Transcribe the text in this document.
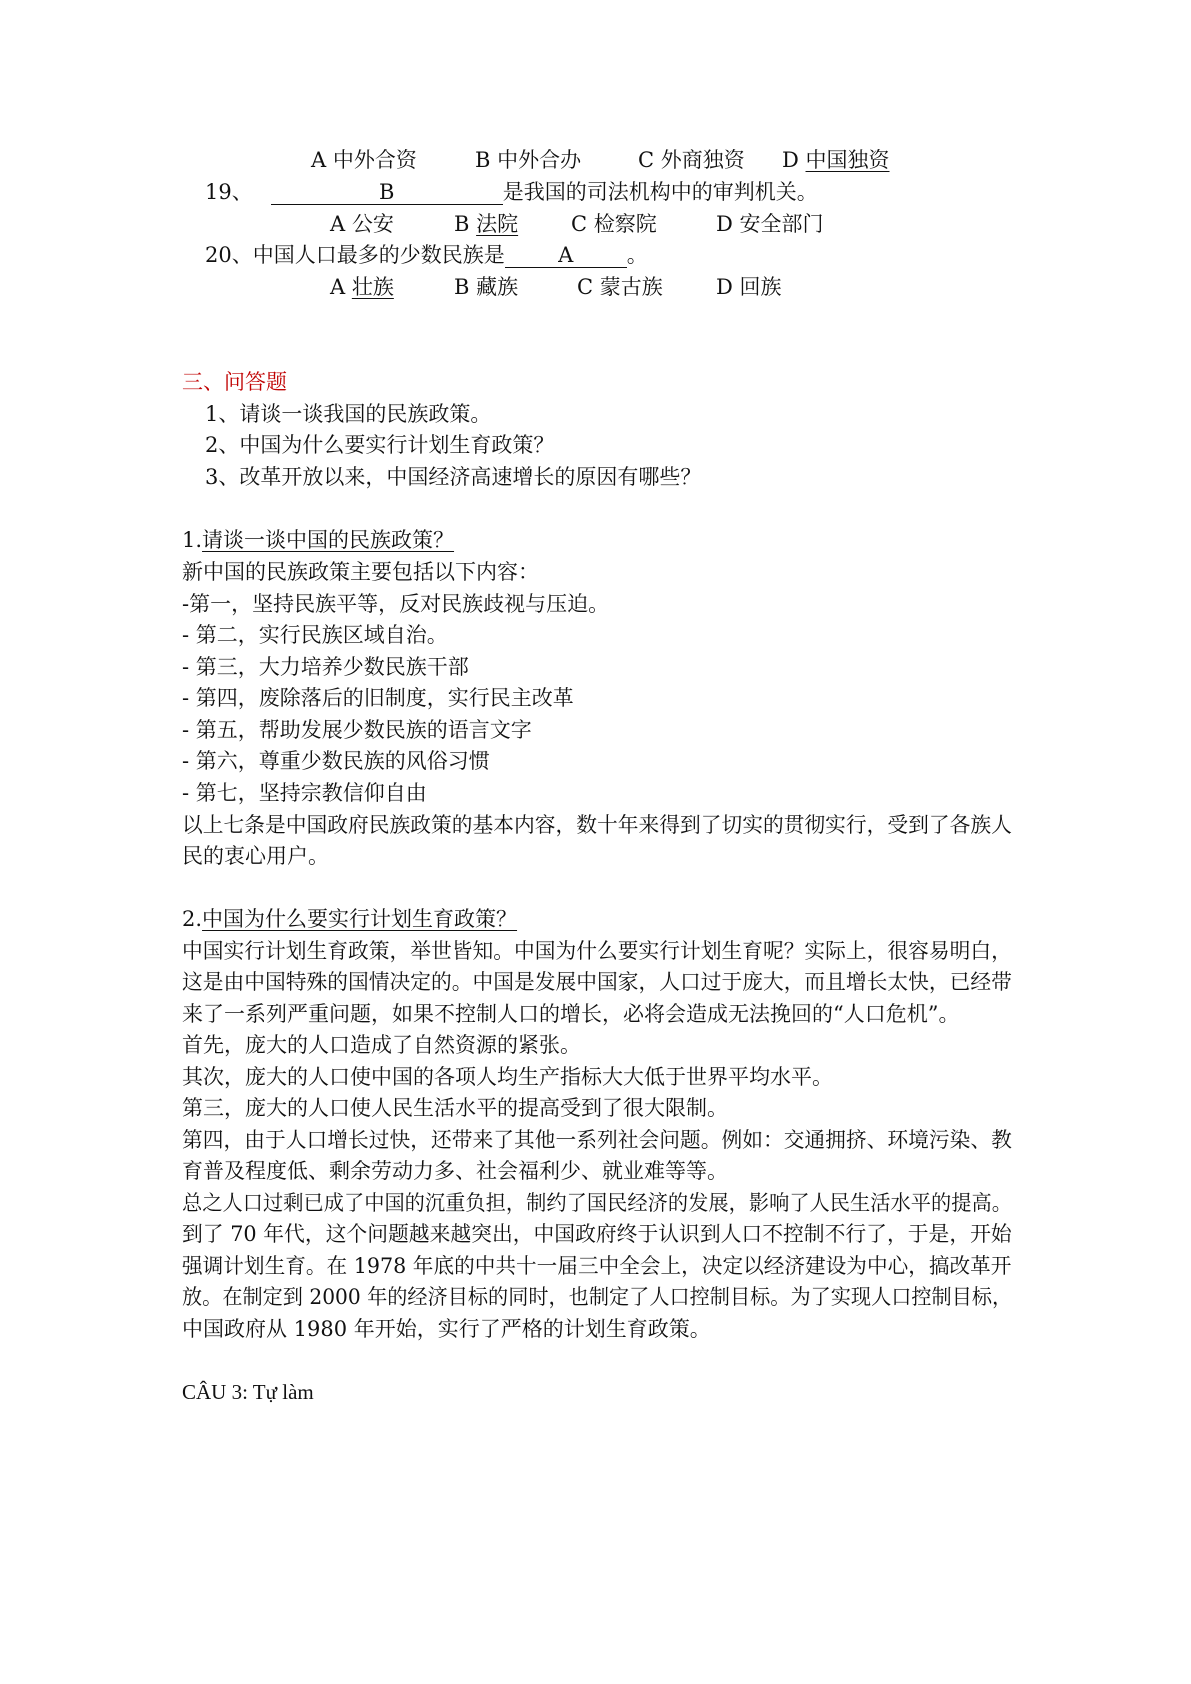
A 中外合资	B 中外合办	C 外商独资 D 中国独资
19、	B	是我国的司法机构中的审判机关。
A 公安	B 法院	C 检察院	D 安全部门
20、中国人口最多的少数民族是	A	。
A 壮族	B 藏族	C 蒙古族	D 回族
三、问答题
1、请谈一谈我国的民族政策。
2、中国为什么要实行计划生育政策？
3、改革开放以来，中国经济高速增长的原因有哪些？
1.请谈一谈中国的民族政策？
新中国的民族政策主要包括以下内容：
-第一，坚持民族平等，反对民族歧视与压迫。
- 第二，实行民族区域自治。
- 第三，大力培养少数民族干部
- 第四，废除落后的旧制度，实行民主改革
- 第五，帮助发展少数民族的语言文字
- 第六，尊重少数民族的风俗习惯
- 第七，坚持宗教信仰自由
以上七条是中国政府民族政策的基本内容，数十年来得到了切实的贯彻实行，受到了各族人
民的衷心用户。
2.中国为什么要实行计划生育政策？
中国实行计划生育政策，举世皆知。中国为什么要实行计划生育呢？实际上，很容易明白，
这是由中国特殊的国情决定的。中国是发展中国家，人口过于庞大，而且增长太快，已经带
来了一系列严重问题，如果不控制人口的增长，必将会造成无法挽回的“人口危机”。
首先，庞大的人口造成了自然资源的紧张。
其次，庞大的人口使中国的各项人均生产指标大大低于世界平均水平。
第三，庞大的人口使人民生活水平的提高受到了很大限制。
第四，由于人口增长过快，还带来了其他一系列社会问题。例如：交通拥挤、环境污染、教
育普及程度低、剩余劳动力多、社会福利少、就业难等等。
总之人口过剩已成了中国的沉重负担，制约了国民经济的发展，影响了人民生活水平的提高。
到了 70 年代，这个问题越来越突出，中国政府终于认识到人口不控制不行了，于是，开始
强调计划生育。在 1978 年底的中共十一届三中全会上，决定以经济建设为中心，搞改革开
放。在制定到 2000 年的经济目标的同时，也制定了人口控制目标。为了实现人口控制目标，
中国政府从 1980 年开始，实行了严格的计划生育政策。
CÂU 3: Tự làm
